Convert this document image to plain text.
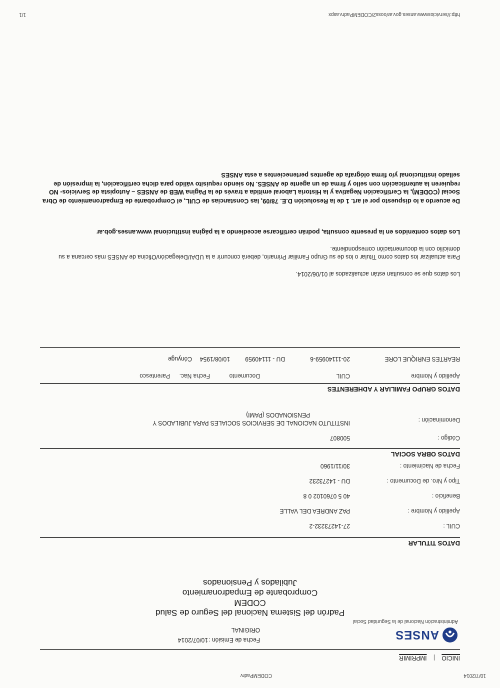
10/7/2014
CODEMPadrv
INICIO | IMPRIMIR
ANSES
Administración Nacional de la Seguridad Social
Fecha de Emisión :
10/07/2014
ORIGINAL
Padrón del Sistema Nacional del Seguro de Salud
CODEM
Comprobante de Empadronamiento
Jubilados y Pensionados
DATOS TITULAR
CUIL :
27-14273232-2
Apellido y Nombre :
PAZ ANDREA DEL VALLE
Beneficio :
40 5 0760102 0 8
Tipo y Nro. de Documento :
DU - 14273232
Fecha de Nacimiento :
30/11/1960
DATOS OBRA SOCIAL
Código :
500807
Denominación :
INSTITUTO NACIONAL DE SERVICIOS SOCIALES PARA JUBILADOS Y
PENSIONADOS (PAMI)
DATOS GRUPO FAMILIAR Y ADHERENTES
Apellido y Nombre
CUIL
Documento
Fecha Nac.
Parentesco
REARTES ENRIQUE LORE
20-11140959-6
DU - 11140959
10/08/1954
Cónyuge
Los datos que se consultan están actualizados al 01/06/2014.
Para actualizar los datos como Titular o los de su Grupo Familiar Primario, deberá concurrir a la UDAI/Delegación/Oficina de ANSES más cercana a su domicilio con la documentación correspondiente.
Los datos contenidos en la presente consulta, podrán certificarse accediendo a la página institucional www.anses.gob.ar
De acuerdo a lo dispuesto por el art. 1 de la Resolución D.E. 78/09, las Constancias de CUIL, el Comprobante de Empadronamiento de Obra Social (CODEM), la Certificación Negativa y la Historia Laboral emitida a través de la Página WEB de ANSES – Autopista de Servicios- NO requieren la autenticación con sello y firma de un agente de ANSES. No siendo requisito válido para dicha certificación, la impresión de sellado institucional y/o firma ológrafa de agentes pertenecientes a esta ANSES
http://servicioswww.anses.gov.ar/ooss2/CODEMPadrv.aspx
1/1
